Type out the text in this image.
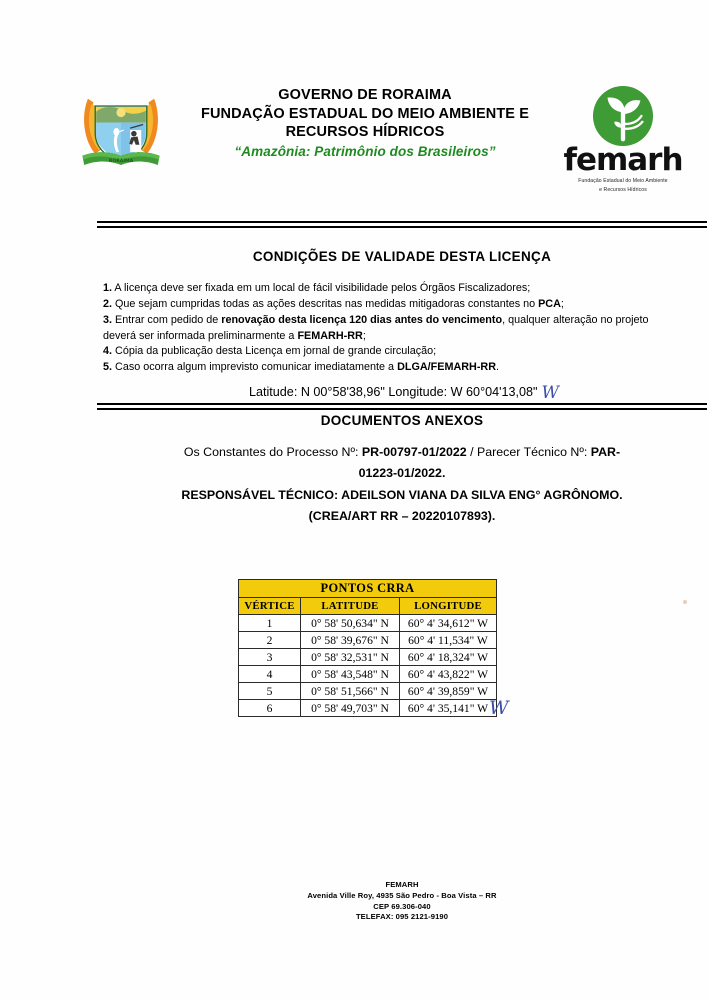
RORAIMA
GOVERNO DE RORAIMA
FUNDAÇÃO ESTADUAL DO MEIO AMBIENTE E
RECURSOS HÍDRICOS
“Amazônia: Patrimônio dos Brasileiros”	femarh
Fundação Estadual do Meio Ambiente
e Recursos Hídricos
CONDIÇÕES DE VALIDADE DESTA LICENÇA
1. A licença deve ser fixada em um local de fácil visibilidade pelos Órgãos Fiscalizadores;
2. Que sejam cumpridas todas as ações descritas nas medidas mitigadoras constantes no PCA;
3. Entrar com pedido de renovação desta licença 120 dias antes do vencimento, qualquer alteração no projeto deverá ser informada preliminarmente a FEMARH-RR;
4. Cópia da publicação desta Licença em jornal de grande circulação;
5. Caso ocorra algum imprevisto comunicar imediatamente a DLGA/FEMARH-RR.
Latitude: N 00°58'38,96" Longitude: W 60°04'13,08" W
DOCUMENTOS ANEXOS
Os Constantes do Processo Nº: PR-00797-01/2022 / Parecer Técnico Nº: PAR-
01223-01/2022.
RESPONSÁVEL TÉCNICO: ADEILSON VIANA DA SILVA ENG° AGRÔNOMO.
(CREA/ART RR – 20220107893).
PONTOS CRRA		
VÉRTICE	LATITUDE	LONGITUDE
1	0° 58' 50,634" N	60° 4' 34,612" W
2	0° 58' 39,676" N	60° 4' 11,534" W
3	0° 58' 32,531" N	60° 4' 18,324" W
4	0° 58' 43,548" N	60° 4' 43,822" W
5	0° 58' 51,566" N	60° 4' 39,859" W
6	0° 58' 49,703" N	60° 4' 35,141" W W
FEMARH
Avenida Ville Roy, 4935 São Pedro - Boa Vista – RR
CEP 69.306-040
TELEFAX: 095 2121-9190
